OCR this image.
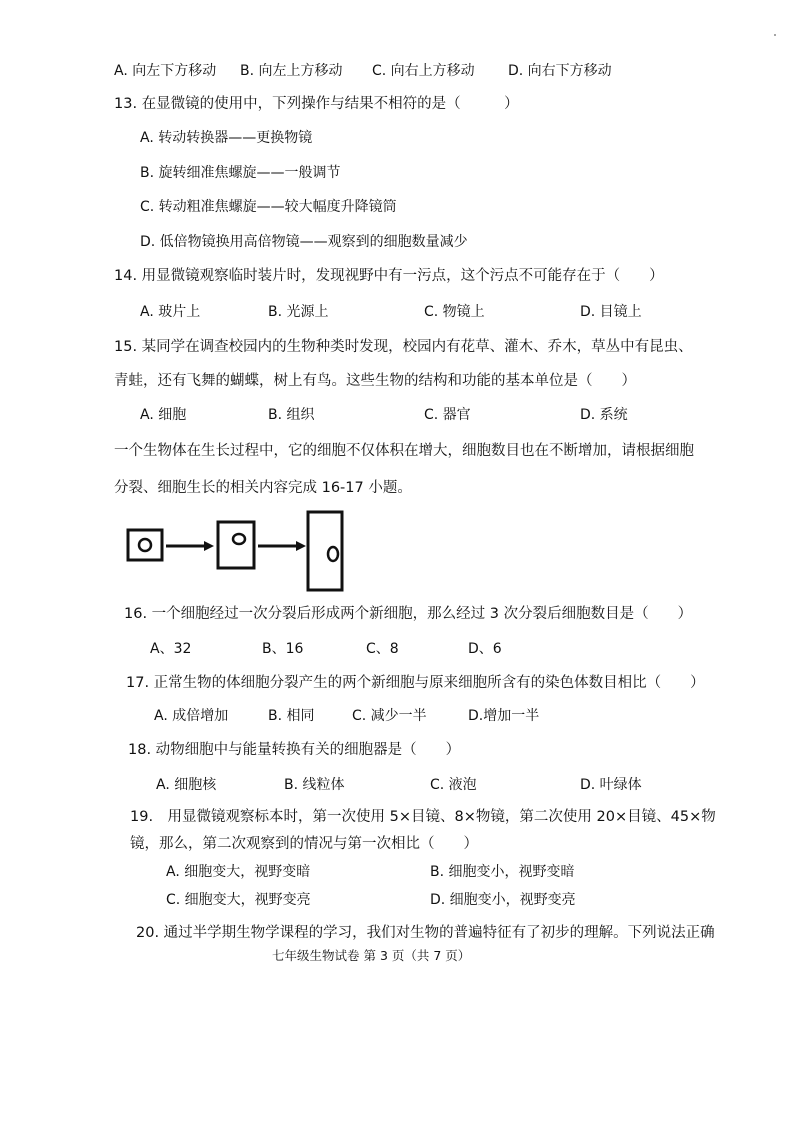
A. 向左下方移动 B. 向左上方移动 C. 向右上方移动 D. 向右下方移动
13. 在显微镜的使用中，下列操作与结果不相符的是（　　　）
A. 转动转换器——更换物镜
B. 旋转细准焦螺旋——一般调节
C. 转动粗准焦螺旋——较大幅度升降镜筒
D. 低倍物镜换用高倍物镜——观察到的细胞数量减少
14. 用显微镜观察临时装片时，发现视野中有一污点，这个污点不可能存在于（　　）
A. 玻片上	B. 光源上	C. 物镜上	D. 目镜上
15. 某同学在调查校园内的生物种类时发现，校园内有花草、灌木、乔木，草丛中有昆虫、
青蛙，还有飞舞的蝴蝶，树上有鸟。这些生物的结构和功能的基本单位是（　　）
A. 细胞	B. 组织	C. 器官	D. 系统
一个生物体在生长过程中，它的细胞不仅体积在增大，细胞数目也在不断增加，请根据细胞
分裂、细胞生长的相关内容完成 16-17 小题。
16. 一个细胞经过一次分裂后形成两个新细胞，那么经过 3 次分裂后细胞数目是（　　）
A、32	B、16	C、8	D、6
17. 正常生物的体细胞分裂产生的两个新细胞与原来细胞所含有的染色体数目相比（　　）
A. 成倍增加	B. 相同	C. 减少一半	D.增加一半
18. 动物细胞中与能量转换有关的细胞器是（　　）
A. 细胞核	B. 线粒体	C. 液泡	D. 叶绿体
19.　用显微镜观察标本时，第一次使用 5×目镜、8×物镜，第二次使用 20×目镜、45×物
镜，那么，第二次观察到的情况与第一次相比（　　）
A. 细胞变大，视野变暗	B. 细胞变小，视野变暗
C. 细胞变大，视野变亮	D. 细胞变小，视野变亮
20. 通过半学期生物学课程的学习，我们对生物的普遍特征有了初步的理解。下列说法正确
七年级生物试卷 第 3 页（共 7 页）
